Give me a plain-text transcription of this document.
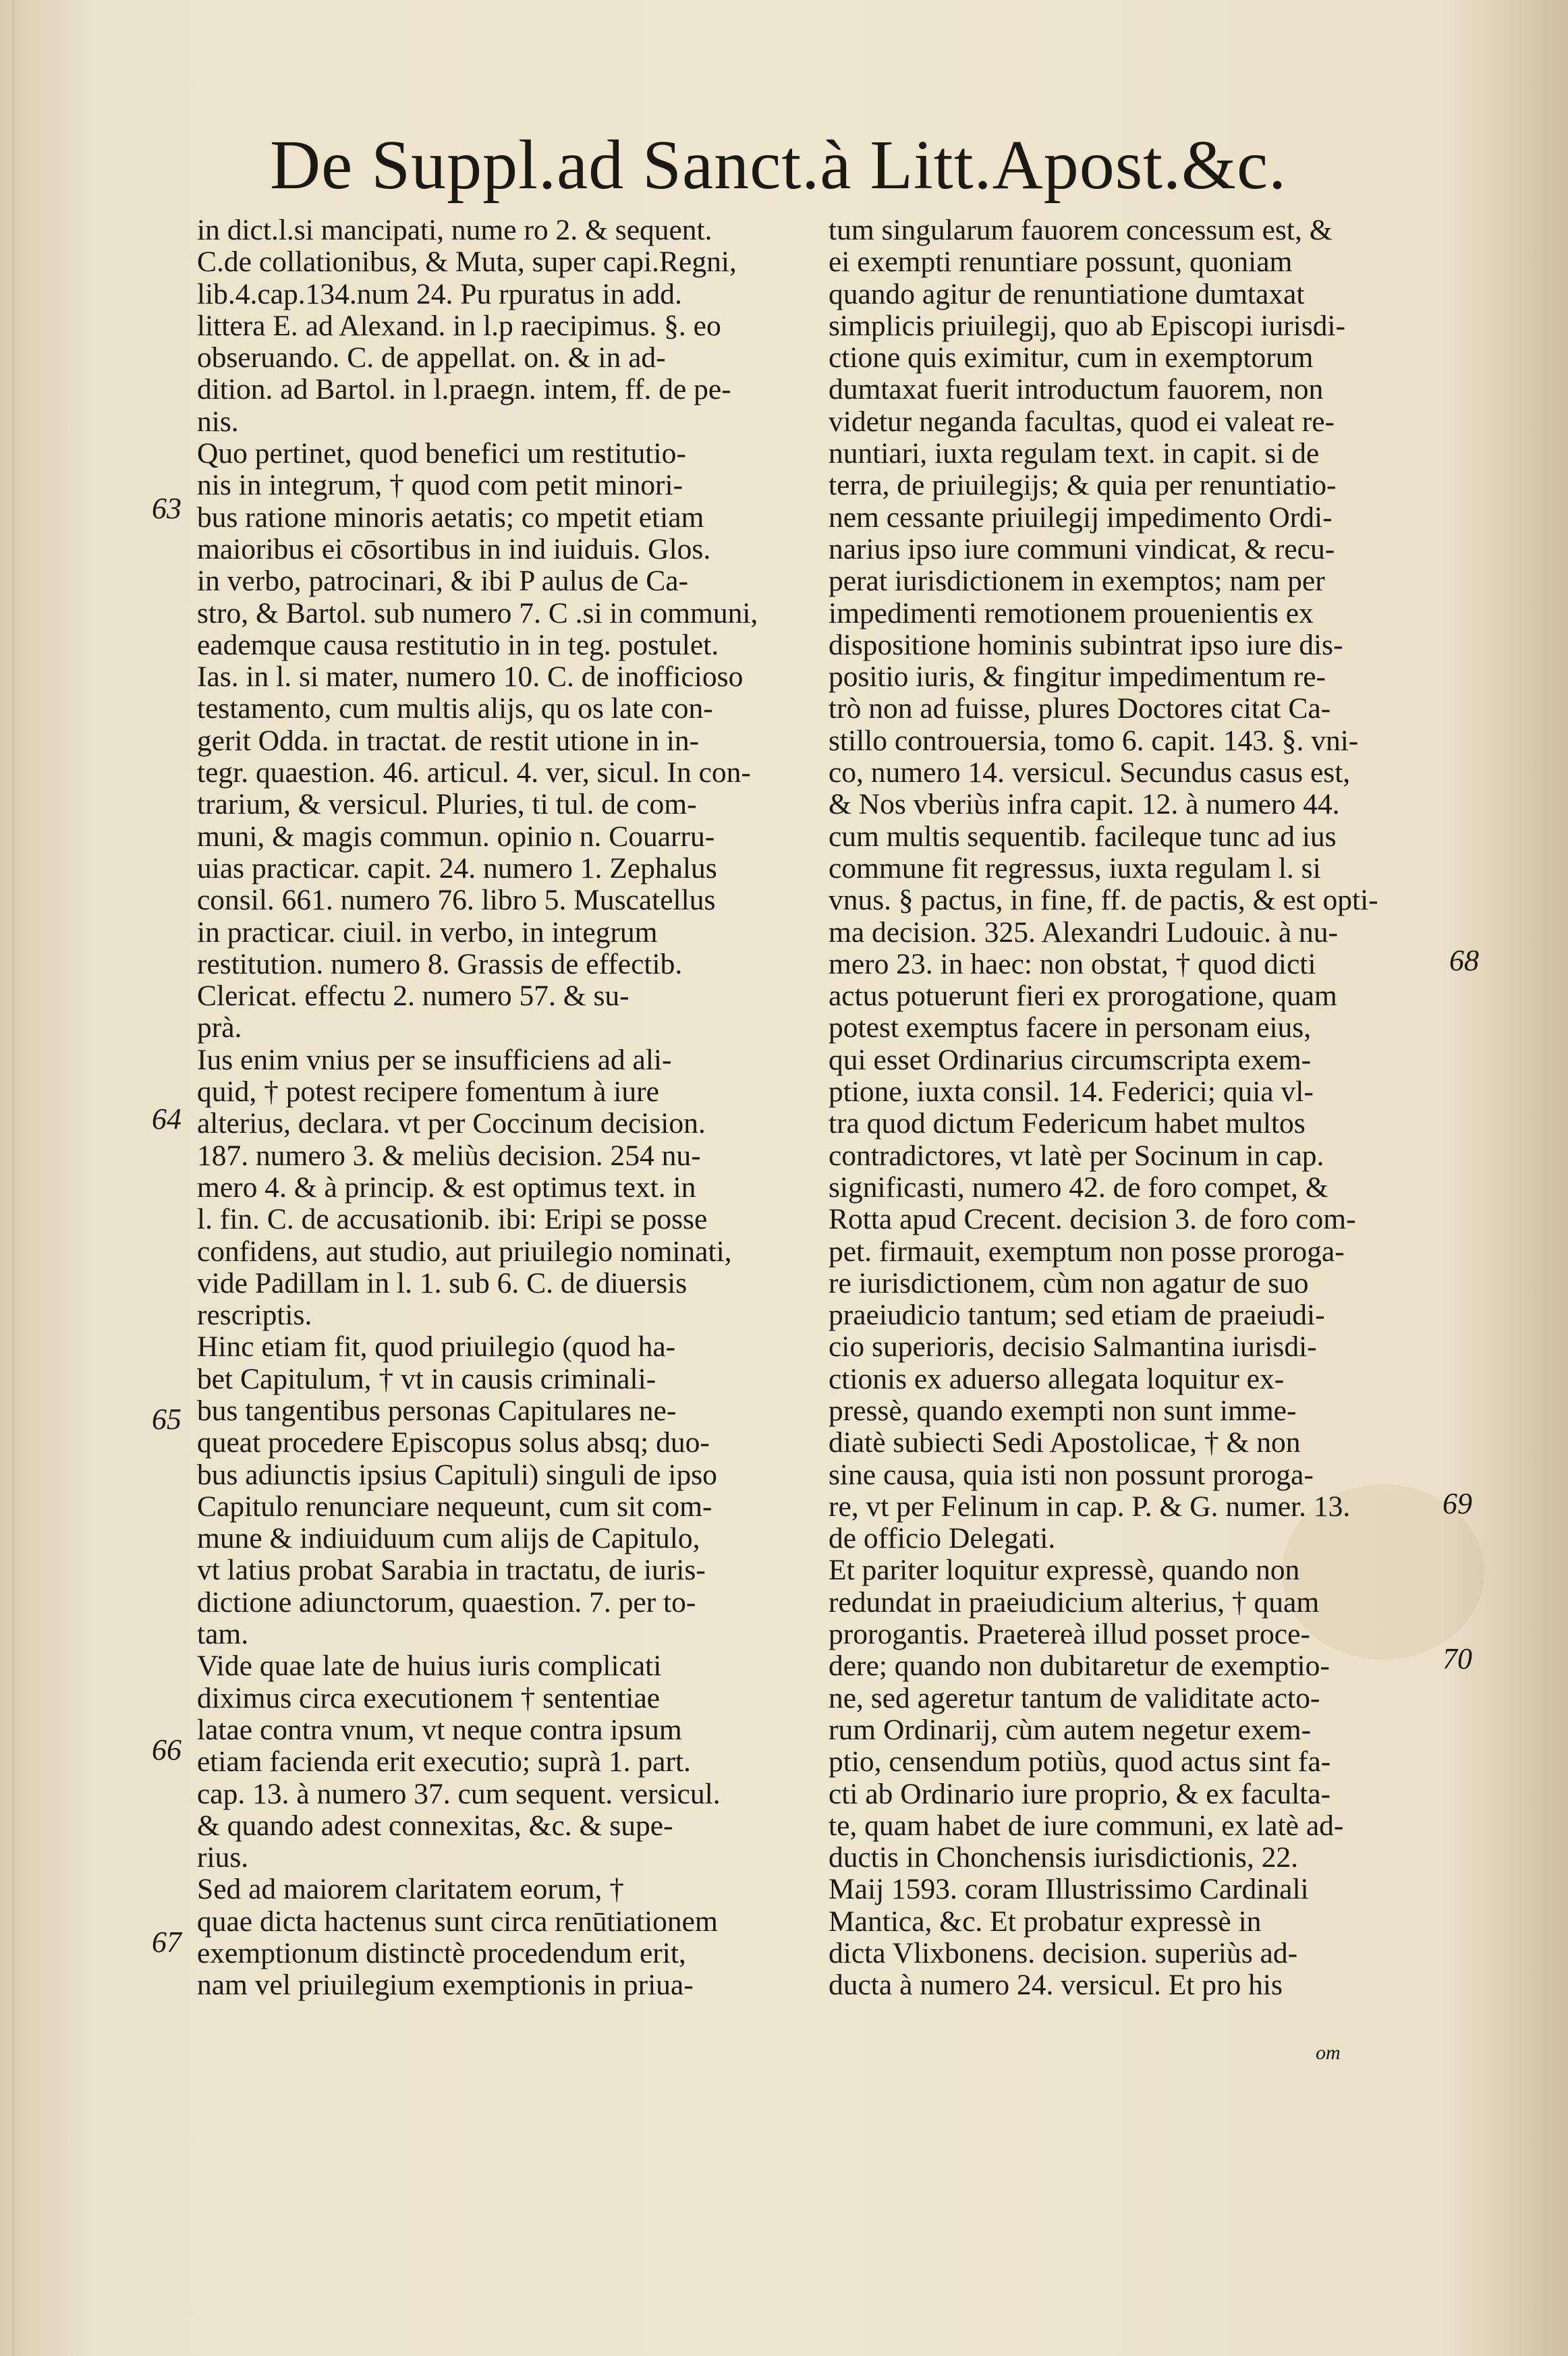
De Suppl.ad Sanct.à Litt.Apost.&c.
in dict.l.si mancipati, nume ro 2. & sequent.
C.de collationibus, & Muta, super capi.Regni,
lib.4.cap.134.num 24. Pu rpuratus in add.
littera E. ad Alexand. in l.p raecipimus. §. eo
obseruando. C. de appellat. on. & in ad-
dition. ad Bartol. in l.praegn. intem, ff. de pe-
nis.
Quo pertinet, quod benefici um restitutio-
nis in integrum, † quod com petit minori-
bus ratione minoris aetatis; co mpetit etiam
maioribus ei cōsortibus in ind iuiduis. Glos.
in verbo, patrocinari, & ibi P aulus de Ca-
stro, & Bartol. sub numero 7. C .si in communi,
eademque causa restitutio in in teg. postulet.
Ias. in l. si mater, numero 10. C. de inofficioso
testamento, cum multis alijs, qu os late con-
gerit Odda. in tractat. de restit utione in in-
tegr. quaestion. 46. articul. 4. ver, sicul. In con-
trarium, & versicul. Pluries, ti tul. de com-
muni, & magis commun. opinio n. Couarru-
uias practicar. capit. 24. numero 1. Zephalus
consil. 661. numero 76. libro 5. Muscatellus
in practicar. ciuil. in verbo, in integrum
restitution. numero 8. Grassis de effectib.
Clericat. effectu 2. numero 57. & su-
prà.
Ius enim vnius per se insufficiens ad ali-
quid, † potest recipere fomentum à iure
alterius, declara. vt per Coccinum decision.
187. numero 3. & meliùs decision. 254 nu-
mero 4. & à princip. & est optimus text. in
l. fin. C. de accusationib. ibi: Eripi se posse
confidens, aut studio, aut priuilegio nominati,
vide Padillam in l. 1. sub 6. C. de diuersis
rescriptis.
Hinc etiam fit, quod priuilegio (quod ha-
bet Capitulum, † vt in causis criminali-
bus tangentibus personas Capitulares ne-
queat procedere Episcopus solus absq; duo-
bus adiunctis ipsius Capituli) singuli de ipso
Capitulo renunciare nequeunt, cum sit com-
mune & indiuiduum cum alijs de Capitulo,
vt latius probat Sarabia in tractatu, de iuris-
dictione adiunctorum, quaestion. 7. per to-
tam.
Vide quae late de huius iuris complicati
diximus circa executionem † sententiae
latae contra vnum, vt neque contra ipsum
etiam facienda erit executio; suprà 1. part.
cap. 13. à numero 37. cum sequent. versicul.
& quando adest connexitas, &c. & supe-
rius.
Sed ad maiorem claritatem eorum, †
quae dicta hactenus sunt circa renūtiationem
exemptionum distinctè procedendum erit,
nam vel priuilegium exemptionis in priua-
tum singularum fauorem concessum est, &
ei exempti renuntiare possunt, quoniam
quando agitur de renuntiatione dumtaxat
simplicis priuilegij, quo ab Episcopi iurisdi-
ctione quis eximitur, cum in exemptorum
dumtaxat fuerit introductum fauorem, non
videtur neganda facultas, quod ei valeat re-
nuntiari, iuxta regulam text. in capit. si de
terra, de priuilegijs; & quia per renuntiatio-
nem cessante priuilegij impedimento Ordi-
narius ipso iure communi vindicat, & recu-
perat iurisdictionem in exemptos; nam per
impedimenti remotionem prouenientis ex
dispositione hominis subintrat ipso iure dis-
positio iuris, & fingitur impedimentum re-
trò non ad fuisse, plures Doctores citat Ca-
stillo controuersia, tomo 6. capit. 143. §. vni-
co, numero 14. versicul. Secundus casus est,
& Nos vberiùs infra capit. 12. à numero 44.
cum multis sequentib. facileque tunc ad ius
commune fit regressus, iuxta regulam l. si
vnus. § pactus, in fine, ff. de pactis, & est opti-
ma decision. 325. Alexandri Ludouic. à nu-
mero 23. in haec: non obstat, † quod dicti
actus potuerunt fieri ex prorogatione, quam
potest exemptus facere in personam eius,
qui esset Ordinarius circumscripta exem-
ptione, iuxta consil. 14. Federici; quia vl-
tra quod dictum Federicum habet multos
contradictores, vt latè per Socinum in cap.
significasti, numero 42. de foro compet, &
Rotta apud Crecent. decision 3. de foro com-
pet. firmauit, exemptum non posse proroga-
re iurisdictionem, cùm non agatur de suo
praeiudicio tantum; sed etiam de praeiudi-
cio superioris, decisio Salmantina iurisdi-
ctionis ex aduerso allegata loquitur ex-
pressè, quando exempti non sunt imme-
diatè subiecti Sedi Apostolicae, † & non
sine causa, quia isti non possunt proroga-
re, vt per Felinum in cap. P. & G. numer. 13.
de officio Delegati.
Et pariter loquitur expressè, quando non
redundat in praeiudicium alterius, † quam
prorogantis. Praetereà illud posset proce-
dere; quando non dubitaretur de exemptio-
ne, sed ageretur tantum de validitate acto-
rum Ordinarij, cùm autem negetur exem-
ptio, censendum potiùs, quod actus sint fa-
cti ab Ordinario iure proprio, & ex faculta-
te, quam habet de iure communi, ex latè ad-
ductis in Chonchensis iurisdictionis, 22.
Maij 1593. coram Illustrissimo Cardinali
Mantica, &c. Et probatur expressè in
dicta Vlixbonens. decision. superiùs ad-
ducta à numero 24. versicul. Et pro his
63
64
65
66
67
68
69
70
om
